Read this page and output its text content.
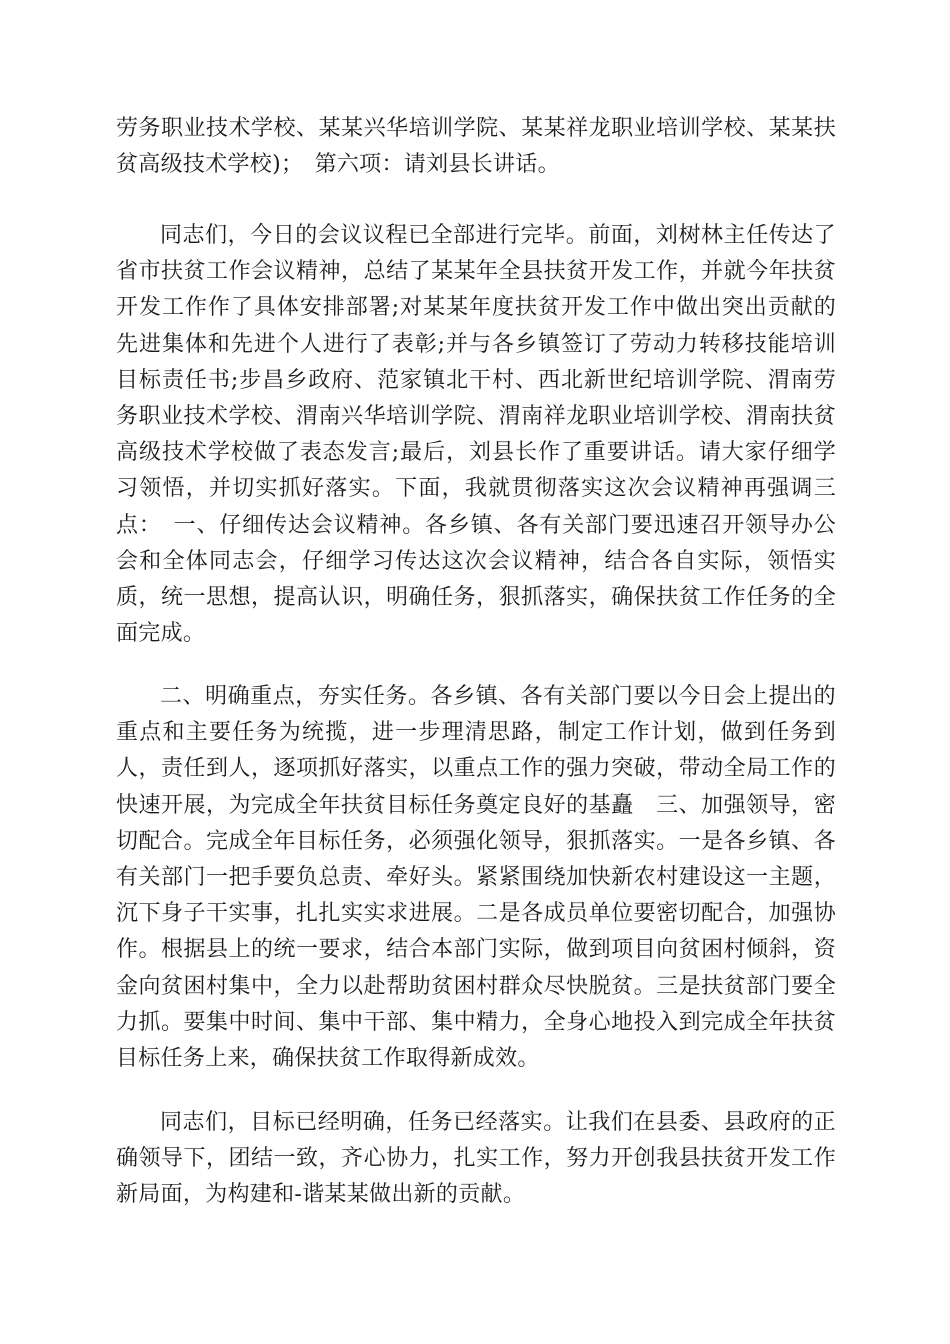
劳务职业技术学校、某某兴华培训学院、某某祥龙职业培训学校、某某扶贫高级技术学校)；　第六项：请刘县长讲话。

同志们，今日的会议议程已全部进行完毕。前面，刘树林主任传达了省市扶贫工作会议精神，总结了某某年全县扶贫开发工作，并就今年扶贫开发工作作了具体安排部署;对某某年度扶贫开发工作中做出突出贡献的先进集体和先进个人进行了表彰;并与各乡镇签订了劳动力转移技能培训目标责任书;步昌乡政府、范家镇北干村、西北新世纪培训学院、渭南劳务职业技术学校、渭南兴华培训学院、渭南祥龙职业培训学校、渭南扶贫高级技术学校做了表态发言;最后，刘县长作了重要讲话。请大家仔细学习领悟，并切实抓好落实。下面，我就贯彻落实这次会议精神再强调三点：　一、仔细传达会议精神。各乡镇、各有关部门要迅速召开领导办公会和全体同志会，仔细学习传达这次会议精神，结合各自实际，领悟实质，统一思想，提高认识，明确任务，狠抓落实，确保扶贫工作任务的全面完成。

二、明确重点，夯实任务。各乡镇、各有关部门要以今日会上提出的重点和主要任务为统揽，进一步理清思路，制定工作计划，做到任务到人，责任到人，逐项抓好落实，以重点工作的强力突破，带动全局工作的快速开展，为完成全年扶贫目标任务奠定良好的基矗　三、加强领导，密切配合。完成全年目标任务，必须强化领导，狠抓落实。一是各乡镇、各有关部门一把手要负总责、牵好头。紧紧围绕加快新农村建设这一主题，沉下身子干实事，扎扎实实求进展。二是各成员单位要密切配合，加强协作。根据县上的统一要求，结合本部门实际，做到项目向贫困村倾斜，资金向贫困村集中，全力以赴帮助贫困村群众尽快脱贫。三是扶贫部门要全力抓。要集中时间、集中干部、集中精力，全身心地投入到完成全年扶贫目标任务上来，确保扶贫工作取得新成效。

同志们，目标已经明确，任务已经落实。让我们在县委、县政府的正确领导下，团结一致，齐心协力，扎实工作，努力开创我县扶贫开发工作新局面，为构建和-谐某某做出新的贡献。
